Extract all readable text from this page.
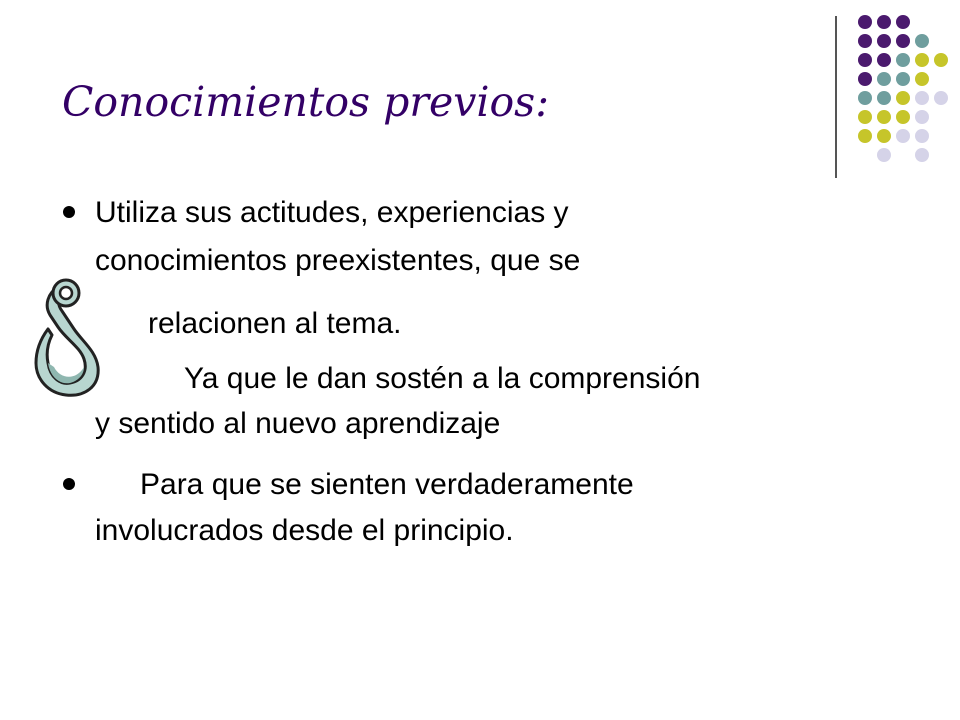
Conocimientos previos:
Utiliza sus actitudes, experiencias y
conocimientos preexistentes, que se
relacionen al tema.
Ya que le dan sostén a la comprensión
y sentido al nuevo aprendizaje
Para que se sienten verdaderamente
involucrados desde el principio.
